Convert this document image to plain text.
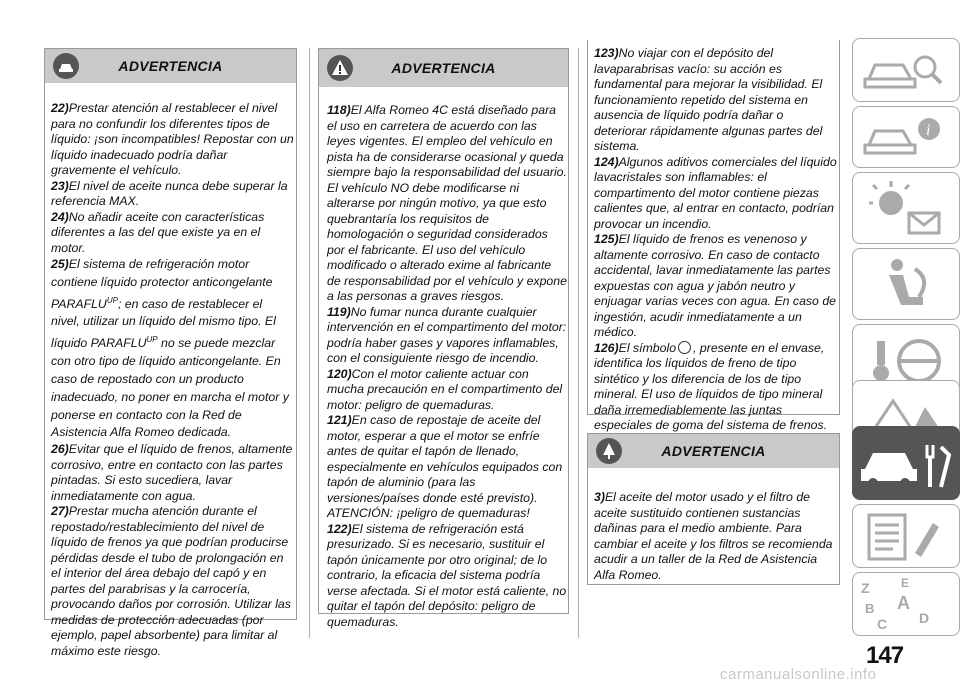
ADVERTENCIA

22)Prestar atención al restablecer el nivel para no confundir los diferentes tipos de líquido: ¡son incompatibles! Repostar con un líquido inadecuado podría dañar gravemente el vehículo.

23)El nivel de aceite nunca debe superar la referencia MAX.

24)No añadir aceite con características diferentes a las del que existe ya en el motor.

25)El sistema de refrigeración motor contiene líquido protector anticongelante $PARAFLU^{UP}$; en caso de restablecer el nivel, utilizar un líquido del mismo tipo. El líquido $PARAFLU^{UP}$ no se puede mezclar con otro tipo de líquido anticongelante. En caso de repostado con un producto inadecuado, no poner en marcha el motor y ponerse en contacto con la Red de Asistencia Alfa Romeo dedicada.

26)Evitar que el líquido de frenos, altamente corrosivo, entre en contacto con las partes pintadas. Si esto sucediera, lavar inmediatamente con agua.

27)Prestar mucha atención durante el repostado/restablecimiento del nivel de líquido de frenos ya que podrían producirse pérdidas desde el tubo de prolongación en el interior del área debajo del capó y en partes del parabrisas y la carrocería, provocando daños por corrosión. Utilizar las medidas de protección adecuadas (por ejemplo, papel absorbente) para limitar al máximo este riesgo.

ADVERTENCIA

118)El Alfa Romeo 4C está diseñado para el uso en carretera de acuerdo con las leyes vigentes. El empleo del vehículo en pista ha de considerarse ocasional y queda siempre bajo la responsabilidad del usuario. El vehículo NO debe modificarse ni alterarse por ningún motivo, ya que esto quebrantaría los requisitos de homologación o seguridad considerados por el fabricante. El uso del vehículo modificado o alterado exime al fabricante de responsabilidad por el vehículo y expone a las personas a graves riesgos.

119)No fumar nunca durante cualquier intervención en el compartimento del motor: podría haber gases y vapores inflamables, con el consiguiente riesgo de incendio.

120)Con el motor caliente actuar con mucha precaución en el compartimento del motor: peligro de quemaduras.

121)En caso de repostaje de aceite del motor, esperar a que el motor se enfríe antes de quitar el tapón de llenado, especialmente en vehículos equipados con tapón de aluminio (para las versiones/países donde esté previsto). ATENCIÓN: ¡peligro de quemaduras!

122)El sistema de refrigeración está presurizado. Si es necesario, sustituir el tapón únicamente por otro original; de lo contrario, la eficacia del sistema podría verse afectada. Si el motor está caliente, no quitar el tapón del depósito: peligro de quemaduras.

123)No viajar con el depósito del lavaparabrisas vacío: su acción es fundamental para mejorar la visibilidad. El funcionamiento repetido del sistema en ausencia de líquido podría dañar o deteriorar rápidamente algunas partes del sistema.

124)Algunos aditivos comerciales del líquido lavacristales son inflamables: el compartimento del motor contiene piezas calientes que, al entrar en contacto, podrían provocar un incendio.

125)El líquido de frenos es venenoso y altamente corrosivo. En caso de contacto accidental, lavar inmediatamente las partes expuestas con agua y jabón neutro y enjuagar varias veces con agua. En caso de ingestión, acudir inmediatamente a un médico.

126)El símbolo , presente en el envase, identifica los líquidos de freno de tipo sintético y los diferencia de los de tipo mineral. El uso de líquidos de tipo mineral daña irremediablemente las juntas especiales de goma del sistema de frenos.

ADVERTENCIA

3)El aceite del motor usado y el filtro de aceite sustituido contienen sustancias dañinas para el medio ambiente. Para cambiar el aceite y los filtros se recomienda acudir a un taller de la Red de Asistencia Alfa Romeo.

i
Z	E
B A
D
C
147
carmanualsonline.info
